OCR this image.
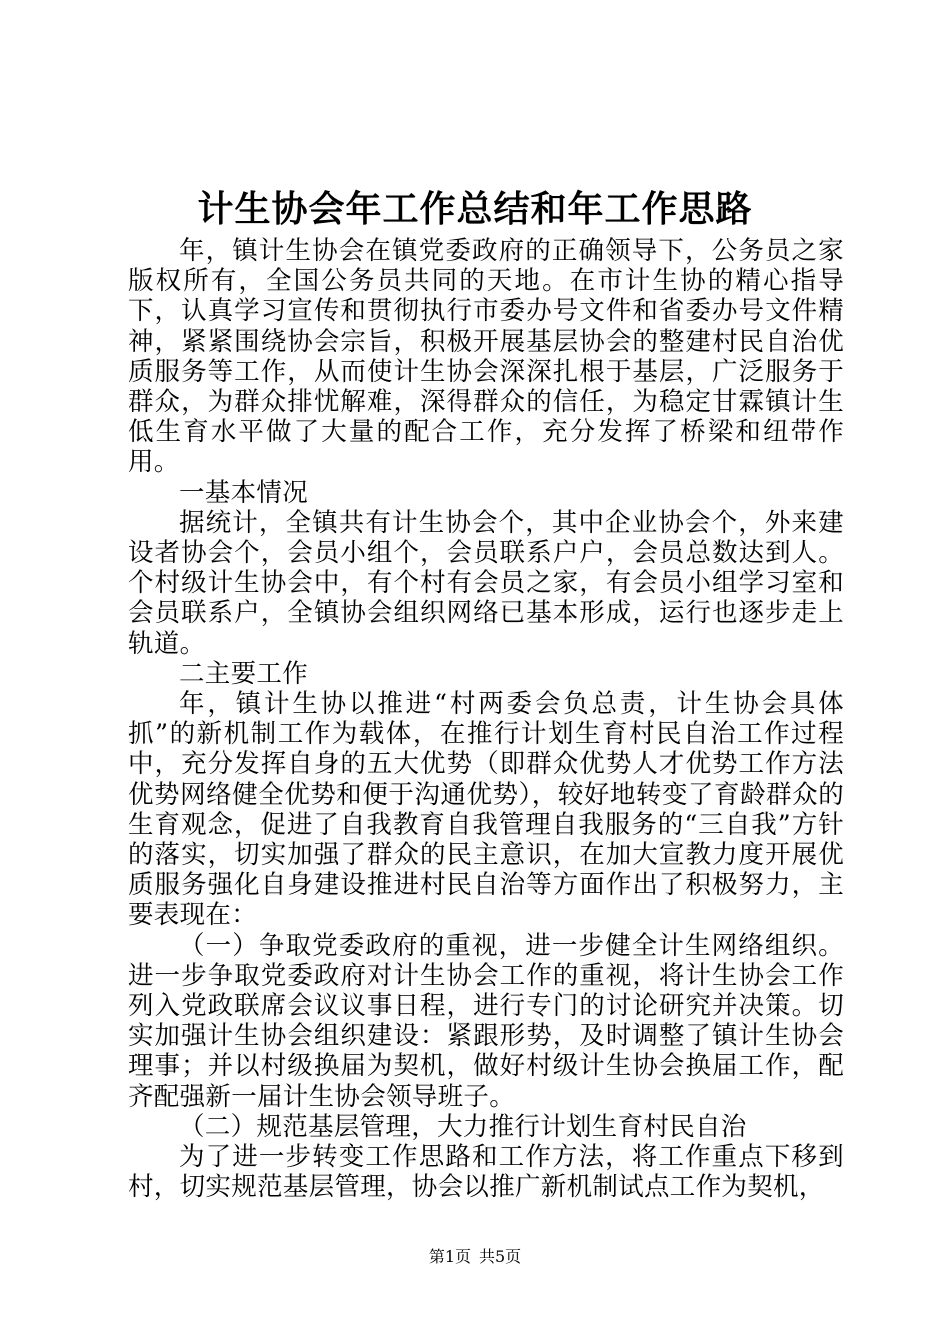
计生协会年工作总结和年工作思路

年，镇计生协会在镇党委政府的正确领导下，公务员之家版权所有，全国公务员共同的天地。在市计生协的精心指导下，认真学习宣传和贯彻执行市委办号文件和省委办号文件精神，紧紧围绕协会宗旨，积极开展基层协会的整建村民自治优质服务等工作，从而使计生协会深深扎根于基层，广泛服务于群众，为群众排忧解难，深得群众的信任，为稳定甘霖镇计生低生育水平做了大量的配合工作，充分发挥了桥梁和纽带作用。

一基本情况

据统计，全镇共有计生协会个，其中企业协会个，外来建设者协会个，会员小组个，会员联系户户，会员总数达到人。个村级计生协会中，有个村有会员之家，有会员小组学习室和会员联系户，全镇协会组织网络已基本形成，运行也逐步走上轨道。

二主要工作

年，镇计生协以推进“村两委会负总责，计生协会具体抓”的新机制工作为载体，在推行计划生育村民自治工作过程中，充分发挥自身的五大优势（即群众优势人才优势工作方法优势网络健全优势和便于沟通优势），较好地转变了育龄群众的生育观念，促进了自我教育自我管理自我服务的“三自我”方针的落实，切实加强了群众的民主意识，在加大宣教力度开展优质服务强化自身建设推进村民自治等方面作出了积极努力，主要表现在：

（一）争取党委政府的重视，进一步健全计生网络组织。进一步争取党委政府对计生协会工作的重视，将计生协会工作列入党政联席会议议事日程，进行专门的讨论研究并决策。切实加强计生协会组织建设：紧跟形势，及时调整了镇计生协会理事；并以村级换届为契机，做好村级计生协会换届工作，配齐配强新一届计生协会领导班子。

（二）规范基层管理，大力推行计划生育村民自治

为了进一步转变工作思路和工作方法，将工作重点下移到村，切实规范基层管理，协会以推广新机制试点工作为契机，

第1页 共5页
